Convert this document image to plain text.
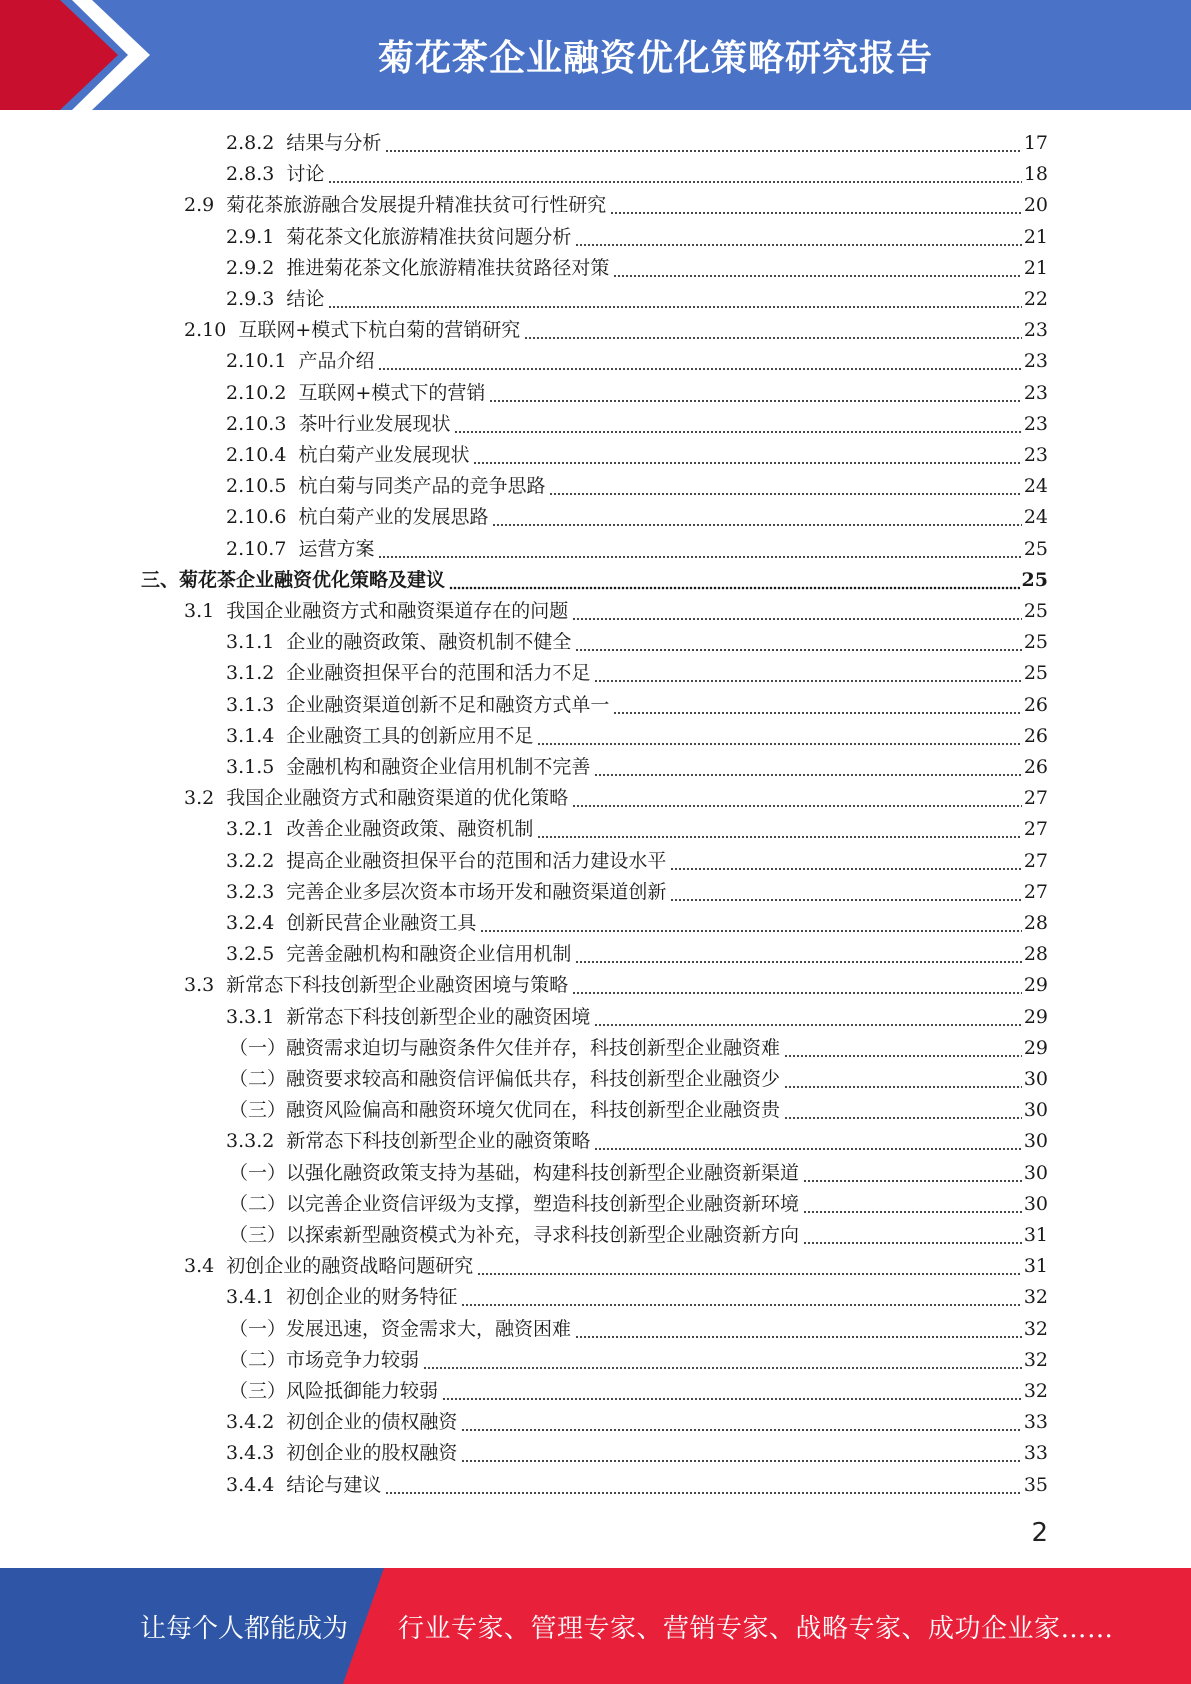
菊花茶企业融资优化策略研究报告
2.8.2 结果与分析	17
2.8.3 讨论	18
2.9 菊花茶旅游融合发展提升精准扶贫可行性研究	20
2.9.1 菊花茶文化旅游精准扶贫问题分析	21
2.9.2 推进菊花茶文化旅游精准扶贫路径对策	21
2.9.3 结论	22
2.10 互联网+模式下杭白菊的营销研究	23
2.10.1 产品介绍	23
2.10.2 互联网+模式下的营销	23
2.10.3 茶叶行业发展现状	23
2.10.4 杭白菊产业发展现状	23
2.10.5 杭白菊与同类产品的竞争思路	24
2.10.6 杭白菊产业的发展思路	24
2.10.7 运营方案	25
三、菊花茶企业融资优化策略及建议	25
3.1 我国企业融资方式和融资渠道存在的问题	25
3.1.1 企业的融资政策、融资机制不健全	25
3.1.2 企业融资担保平台的范围和活力不足	25
3.1.3 企业融资渠道创新不足和融资方式单一	26
3.1.4 企业融资工具的创新应用不足	26
3.1.5 金融机构和融资企业信用机制不完善	26
3.2 我国企业融资方式和融资渠道的优化策略	27
3.2.1 改善企业融资政策、融资机制	27
3.2.2 提高企业融资担保平台的范围和活力建设水平	27
3.2.3 完善企业多层次资本市场开发和融资渠道创新	27
3.2.4 创新民营企业融资工具	28
3.2.5 完善金融机构和融资企业信用机制	28
3.3 新常态下科技创新型企业融资困境与策略	29
3.3.1 新常态下科技创新型企业的融资困境	29
（一）融资需求迫切与融资条件欠佳并存，科技创新型企业融资难	29
（二）融资要求较高和融资信评偏低共存，科技创新型企业融资少	30
（三）融资风险偏高和融资环境欠优同在，科技创新型企业融资贵	30
3.3.2 新常态下科技创新型企业的融资策略	30
（一）以强化融资政策支持为基础，构建科技创新型企业融资新渠道	30
（二）以完善企业资信评级为支撑，塑造科技创新型企业融资新环境	30
（三）以探索新型融资模式为补充，寻求科技创新型企业融资新方向	31
3.4 初创企业的融资战略问题研究	31
3.4.1 初创企业的财务特征	32
（一）发展迅速，资金需求大，融资困难	32
（二）市场竞争力较弱	32
（三）风险抵御能力较弱	32
3.4.2 初创企业的债权融资	33
3.4.3 初创企业的股权融资	33
3.4.4 结论与建议	35
2
让每个人都能成为 行业专家、管理专家、营销专家、战略专家、成功企业家……
